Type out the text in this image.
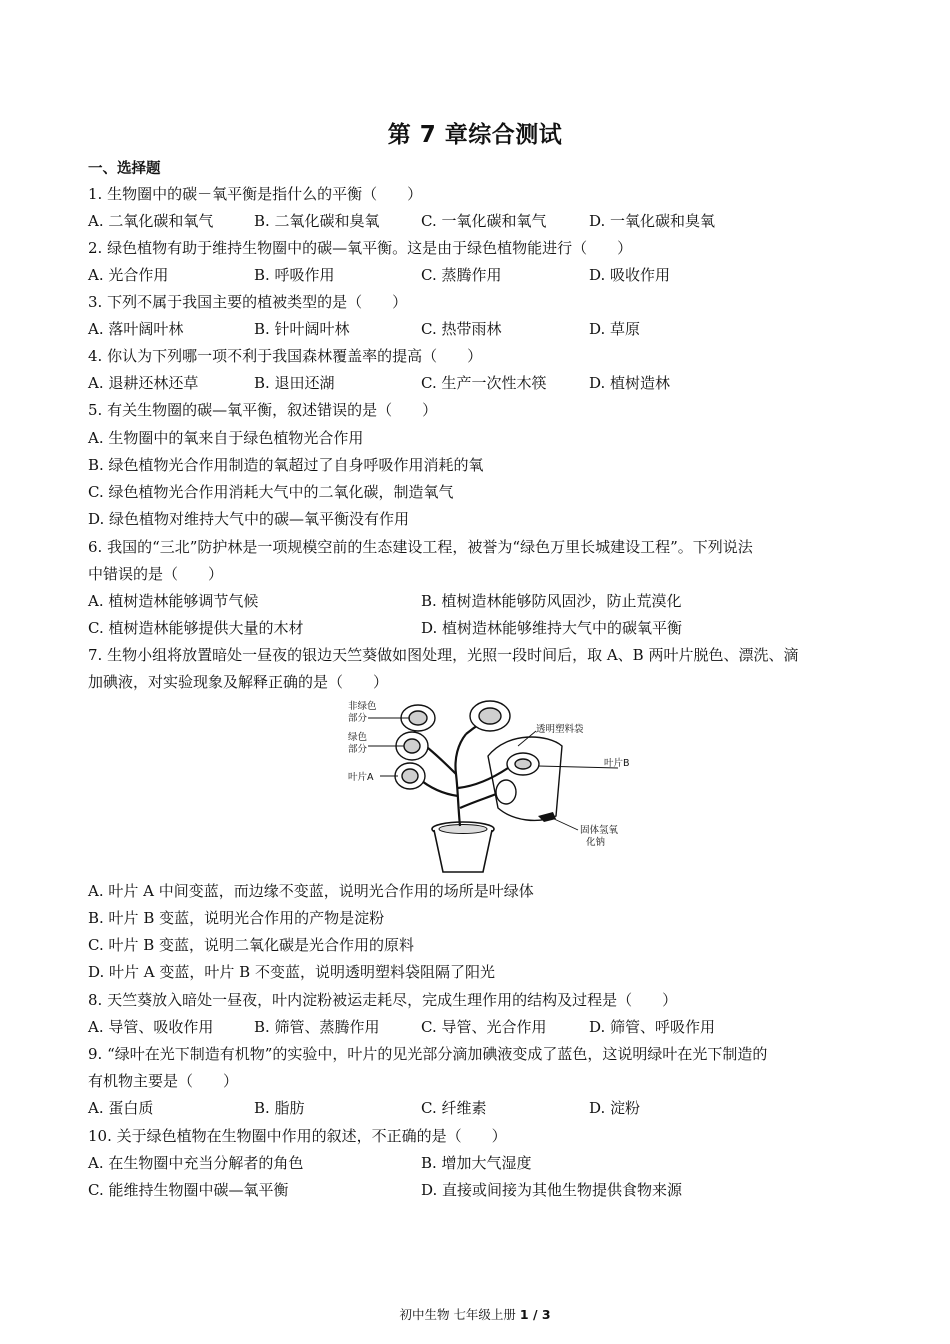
第 7 章综合测试
一、选择题
1. 生物圈中的碳－氧平衡是指什么的平衡（　　）
A. 二氧化碳和氧气	B. 二氧化碳和臭氧	C. 一氧化碳和氧气	D. 一氧化碳和臭氧
2. 绿色植物有助于维持生物圈中的碳—氧平衡。这是由于绿色植物能进行（　　）
A. 光合作用	B. 呼吸作用	C. 蒸腾作用	D. 吸收作用
3. 下列不属于我国主要的植被类型的是（　　）
A. 落叶阔叶林	B. 针叶阔叶林	C. 热带雨林	D. 草原
4. 你认为下列哪一项不利于我国森林覆盖率的提高（　　）
A. 退耕还林还草	B. 退田还湖	C. 生产一次性木筷	D. 植树造林
5. 有关生物圈的碳—氧平衡，叙述错误的是（　　）
A. 生物圈中的氧来自于绿色植物光合作用
B. 绿色植物光合作用制造的氧超过了自身呼吸作用消耗的氧
C. 绿色植物光合作用消耗大气中的二氧化碳，制造氧气
D. 绿色植物对维持大气中的碳—氧平衡没有作用
6. 我国的“三北”防护林是一项规模空前的生态建设工程，被誉为“绿色万里长城建设工程”。下列说法
中错误的是（　　）
A. 植树造林能够调节气候	B. 植树造林能够防风固沙，防止荒漠化
C. 植树造林能够提供大量的木材	D. 植树造林能够维持大气中的碳氧平衡
7. 生物小组将放置暗处一昼夜的银边天竺葵做如图处理，光照一段时间后，取 A、B 两叶片脱色、漂洗、滴
加碘液，对实验现象及解释正确的是（　　）
非绿色
部分
绿色
部分
叶片A
透明塑料袋
叶片B
固体氢氧
化钠
A. 叶片 A 中间变蓝，而边缘不变蓝，说明光合作用的场所是叶绿体
B. 叶片 B 变蓝，说明光合作用的产物是淀粉
C. 叶片 B 变蓝，说明二氧化碳是光合作用的原料
D. 叶片 A 变蓝，叶片 B 不变蓝，说明透明塑料袋阻隔了阳光
8. 天竺葵放入暗处一昼夜，叶内淀粉被运走耗尽，完成生理作用的结构及过程是（　　）
A. 导管、吸收作用	B. 筛管、蒸腾作用	C. 导管、光合作用	D. 筛管、呼吸作用
9. “绿叶在光下制造有机物”的实验中，叶片的见光部分滴加碘液变成了蓝色，这说明绿叶在光下制造的
有机物主要是（　　）
A. 蛋白质	B. 脂肪	C. 纤维素	D. 淀粉
10. 关于绿色植物在生物圈中作用的叙述，不正确的是（　　）
A. 在生物圈中充当分解者的角色	B. 增加大气湿度
C. 能维持生物圈中碳—氧平衡	D. 直接或间接为其他生物提供食物来源
初中生物 七年级上册 1 / 3
